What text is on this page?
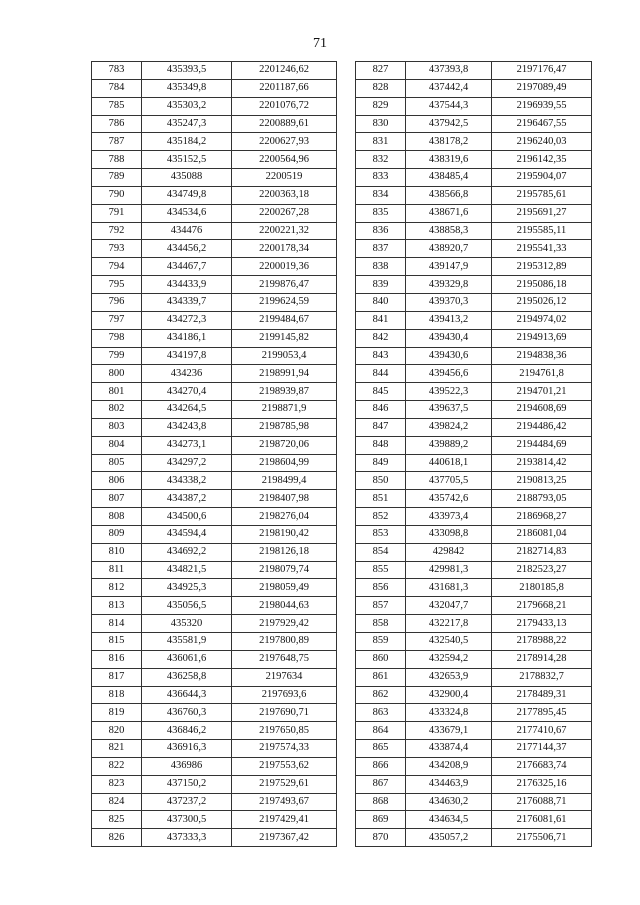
71
783	435393,5	2201246,62
784	435349,8	2201187,66
785	435303,2	2201076,72
786	435247,3	2200889,61
787	435184,2	2200627,93
788	435152,5	2200564,96
789	435088	2200519
790	434749,8	2200363,18
791	434534,6	2200267,28
792	434476	2200221,32
793	434456,2	2200178,34
794	434467,7	2200019,36
795	434433,9	2199876,47
796	434339,7	2199624,59
797	434272,3	2199484,67
798	434186,1	2199145,82
799	434197,8	2199053,4
800	434236	2198991,94
801	434270,4	2198939,87
802	434264,5	2198871,9
803	434243,8	2198785,98
804	434273,1	2198720,06
805	434297,2	2198604,99
806	434338,2	2198499,4
807	434387,2	2198407,98
808	434500,6	2198276,04
809	434594,4	2198190,42
810	434692,2	2198126,18
811	434821,5	2198079,74
812	434925,3	2198059,49
813	435056,5	2198044,63
814	435320	2197929,42
815	435581,9	2197800,89
816	436061,6	2197648,75
817	436258,8	2197634
818	436644,3	2197693,6
819	436760,3	2197690,71
820	436846,2	2197650,85
821	436916,3	2197574,33
822	436986	2197553,62
823	437150,2	2197529,61
824	437237,2	2197493,67
825	437300,5	2197429,41
826	437333,3	2197367,42
827	437393,8	2197176,47
828	437442,4	2197089,49
829	437544,3	2196939,55
830	437942,5	2196467,55
831	438178,2	2196240,03
832	438319,6	2196142,35
833	438485,4	2195904,07
834	438566,8	2195785,61
835	438671,6	2195691,27
836	438858,3	2195585,11
837	438920,7	2195541,33
838	439147,9	2195312,89
839	439329,8	2195086,18
840	439370,3	2195026,12
841	439413,2	2194974,02
842	439430,4	2194913,69
843	439430,6	2194838,36
844	439456,6	2194761,8
845	439522,3	2194701,21
846	439637,5	2194608,69
847	439824,2	2194486,42
848	439889,2	2194484,69
849	440618,1	2193814,42
850	437705,5	2190813,25
851	435742,6	2188793,05
852	433973,4	2186968,27
853	433098,8	2186081,04
854	429842	2182714,83
855	429981,3	2182523,27
856	431681,3	2180185,8
857	432047,7	2179668,21
858	432217,8	2179433,13
859	432540,5	2178988,22
860	432594,2	2178914,28
861	432653,9	2178832,7
862	432900,4	2178489,31
863	433324,8	2177895,45
864	433679,1	2177410,67
865	433874,4	2177144,37
866	434208,9	2176683,74
867	434463,9	2176325,16
868	434630,2	2176088,71
869	434634,5	2176081,61
870	435057,2	2175506,71
